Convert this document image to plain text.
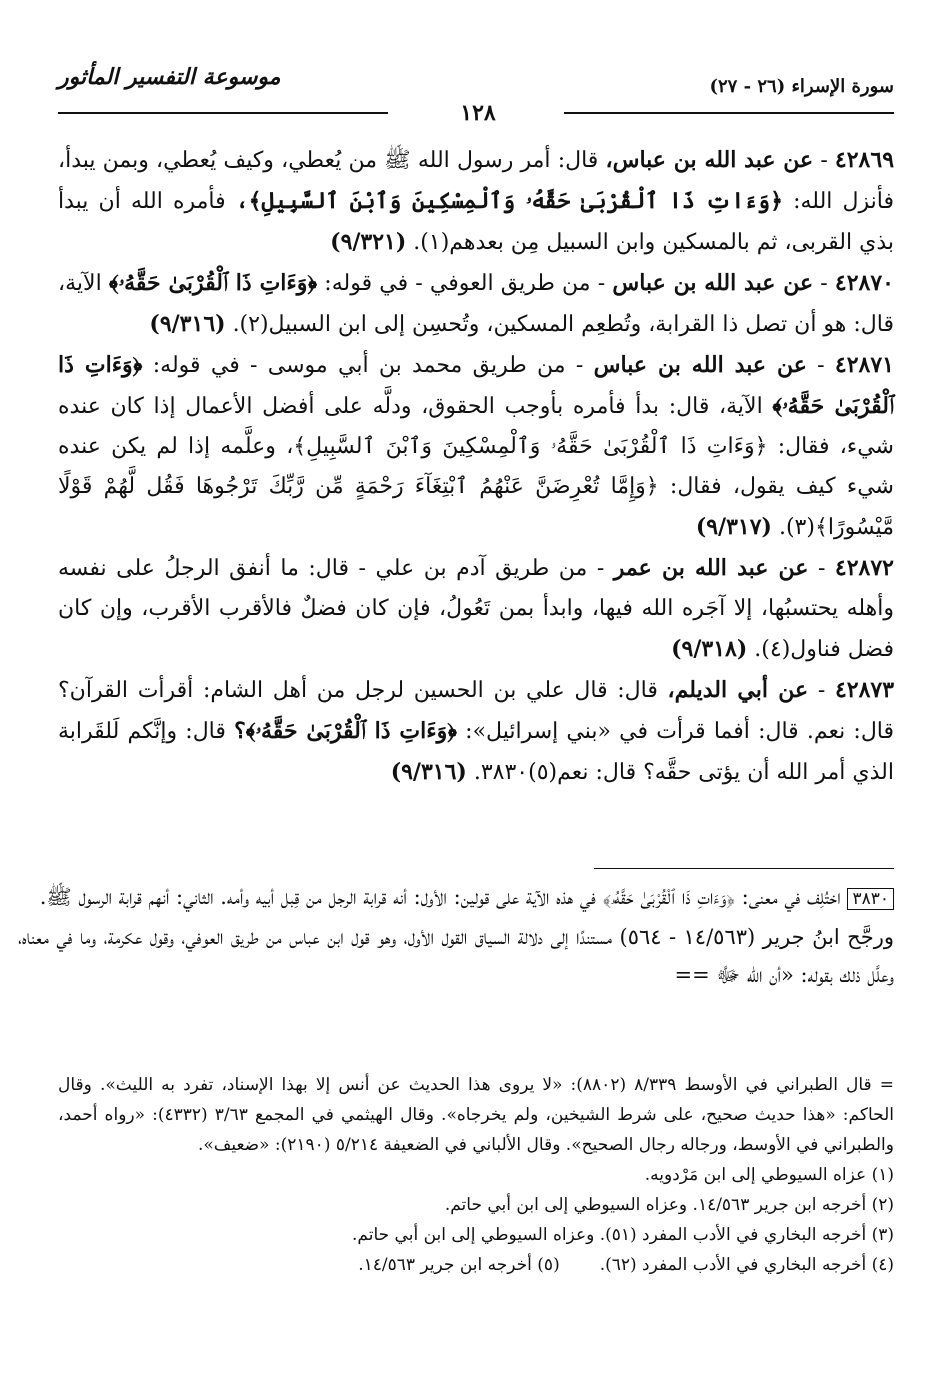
سورة الإسراء (٢٦ - ٢٧)
١٢٨
موسوعة التفسير المأثور
٤٢٨٦٩ - عن عبد الله بن عباس، قال: أمر رسول الله ﷺ من يُعطي، وكيف يُعطي، وبمن يبدأ، فأنزل الله: ﴿وَءَاتِ ذَا ٱلْقُرْبَىٰ حَقَّهُۥ وَٱلْمِسْكِينَ وَٱبْنَ ٱلسَّبِيلِ﴾، فأمره الله أن يبدأ بذي القربى، ثم بالمسكين وابن السبيل مِن بعدهم(١). (٩/٣٢١)
٤٢٨٧٠ - عن عبد الله بن عباس - من طريق العوفي - في قوله: ﴿وَءَاتِ ذَا ٱلْقُرْبَىٰ حَقَّهُۥ﴾ الآية، قال: هو أن تصل ذا القرابة، وتُطعِم المسكين، وتُحسِن إلى ابن السبيل(٢). (٩/٣١٦)
٤٢٨٧١ - عن عبد الله بن عباس - من طريق محمد بن أبي موسى - في قوله: ﴿وَءَاتِ ذَا ٱلْقُرْبَىٰ حَقَّهُۥ﴾ الآية، قال: بدأ فأمره بأوجب الحقوق، ودلَّه على أفضل الأعمال إذا كان عنده شيء، فقال: ﴿وَءَاتِ ذَا ٱلْقُرْبَىٰ حَقَّهُۥ وَٱلْمِسْكِينَ وَٱبْنَ ٱلسَّبِيلِ﴾، وعلَّمه إذا لم يكن عنده شيء كيف يقول، فقال: ﴿وَإِمَّا تُعْرِضَنَّ عَنْهُمُ ٱبْتِغَآءَ رَحْمَةٍ مِّن رَّبِّكَ تَرْجُوهَا فَقُل لَّهُمْ قَوْلًا مَّيْسُورًا﴾(٣). (٩/٣١٧)
٤٢٨٧٢ - عن عبد الله بن عمر - من طريق آدم بن علي - قال: ما أنفق الرجلُ على نفسه وأهله يحتسبُها، إلا آجَره الله فيها، وابدأ بمن تَعُولُ، فإن كان فضلٌ فالأقرب الأقرب، وإن كان فضل فناول(٤). (٩/٣١٨)
٤٢٨٧٣ - عن أبي الديلم، قال: قال علي بن الحسين لرجل من أهل الشام: أقرأت القرآن؟ قال: نعم. قال: أفما قرأت في «بني إسرائيل»: ﴿وَءَاتِ ذَا ٱلْقُرْبَىٰ حَقَّهُۥ﴾؟ قال: وإنَّكم لَلقَرابة الذي أمر الله أن يؤتى حقَّه؟ قال: نعم(٥)٣٨٣٠. (٩/٣١٦)
٣٨٣٠ اختُلِف في معنى: ﴿وَءَاتِ ذَا ٱلْقُرْبَىٰ حَقَّهُۥ﴾ في هذه الآية على قولين: الأول: أنه قرابة الرجل من قِبل أبيه وأمه. الثاني: أنهم قرابة الرسول ﷺ.
ورجَّح ابنُ جرير (١٤/٥٦٣ - ٥٦٤) مستندًا إلى دلالة السياق القول الأول، وهو قول ابن عباس من طريق العوفي، وقول عكرمة، وما في معناه، وعلَّل ذلك بقوله: «أن الله ﷻ ==
= قال الطبراني في الأوسط ٨/٣٣٩ (٨٨٠٢): «لا يروى هذا الحديث عن أنس إلا بهذا الإسناد، تفرد به الليث». وقال الحاكم: «هذا حديث صحيح، على شرط الشيخين، ولم يخرجاه». وقال الهيثمي في المجمع ٣/٦٣ (٤٣٣٢): «رواه أحمد، والطبراني في الأوسط، ورجاله رجال الصحيح». وقال الألباني في الضعيفة ٥/٢١٤ (٢١٩٠): «ضعيف».
(١) عزاه السيوطي إلى ابن مَرْدويه.
(٢) أخرجه ابن جرير ١٤/٥٦٣. وعزاه السيوطي إلى ابن أبي حاتم.
(٣) أخرجه البخاري في الأدب المفرد (٥١). وعزاه السيوطي إلى ابن أبي حاتم.
(٤) أخرجه البخاري في الأدب المفرد (٦٢).
(٥) أخرجه ابن جرير ١٤/٥٦٣.
